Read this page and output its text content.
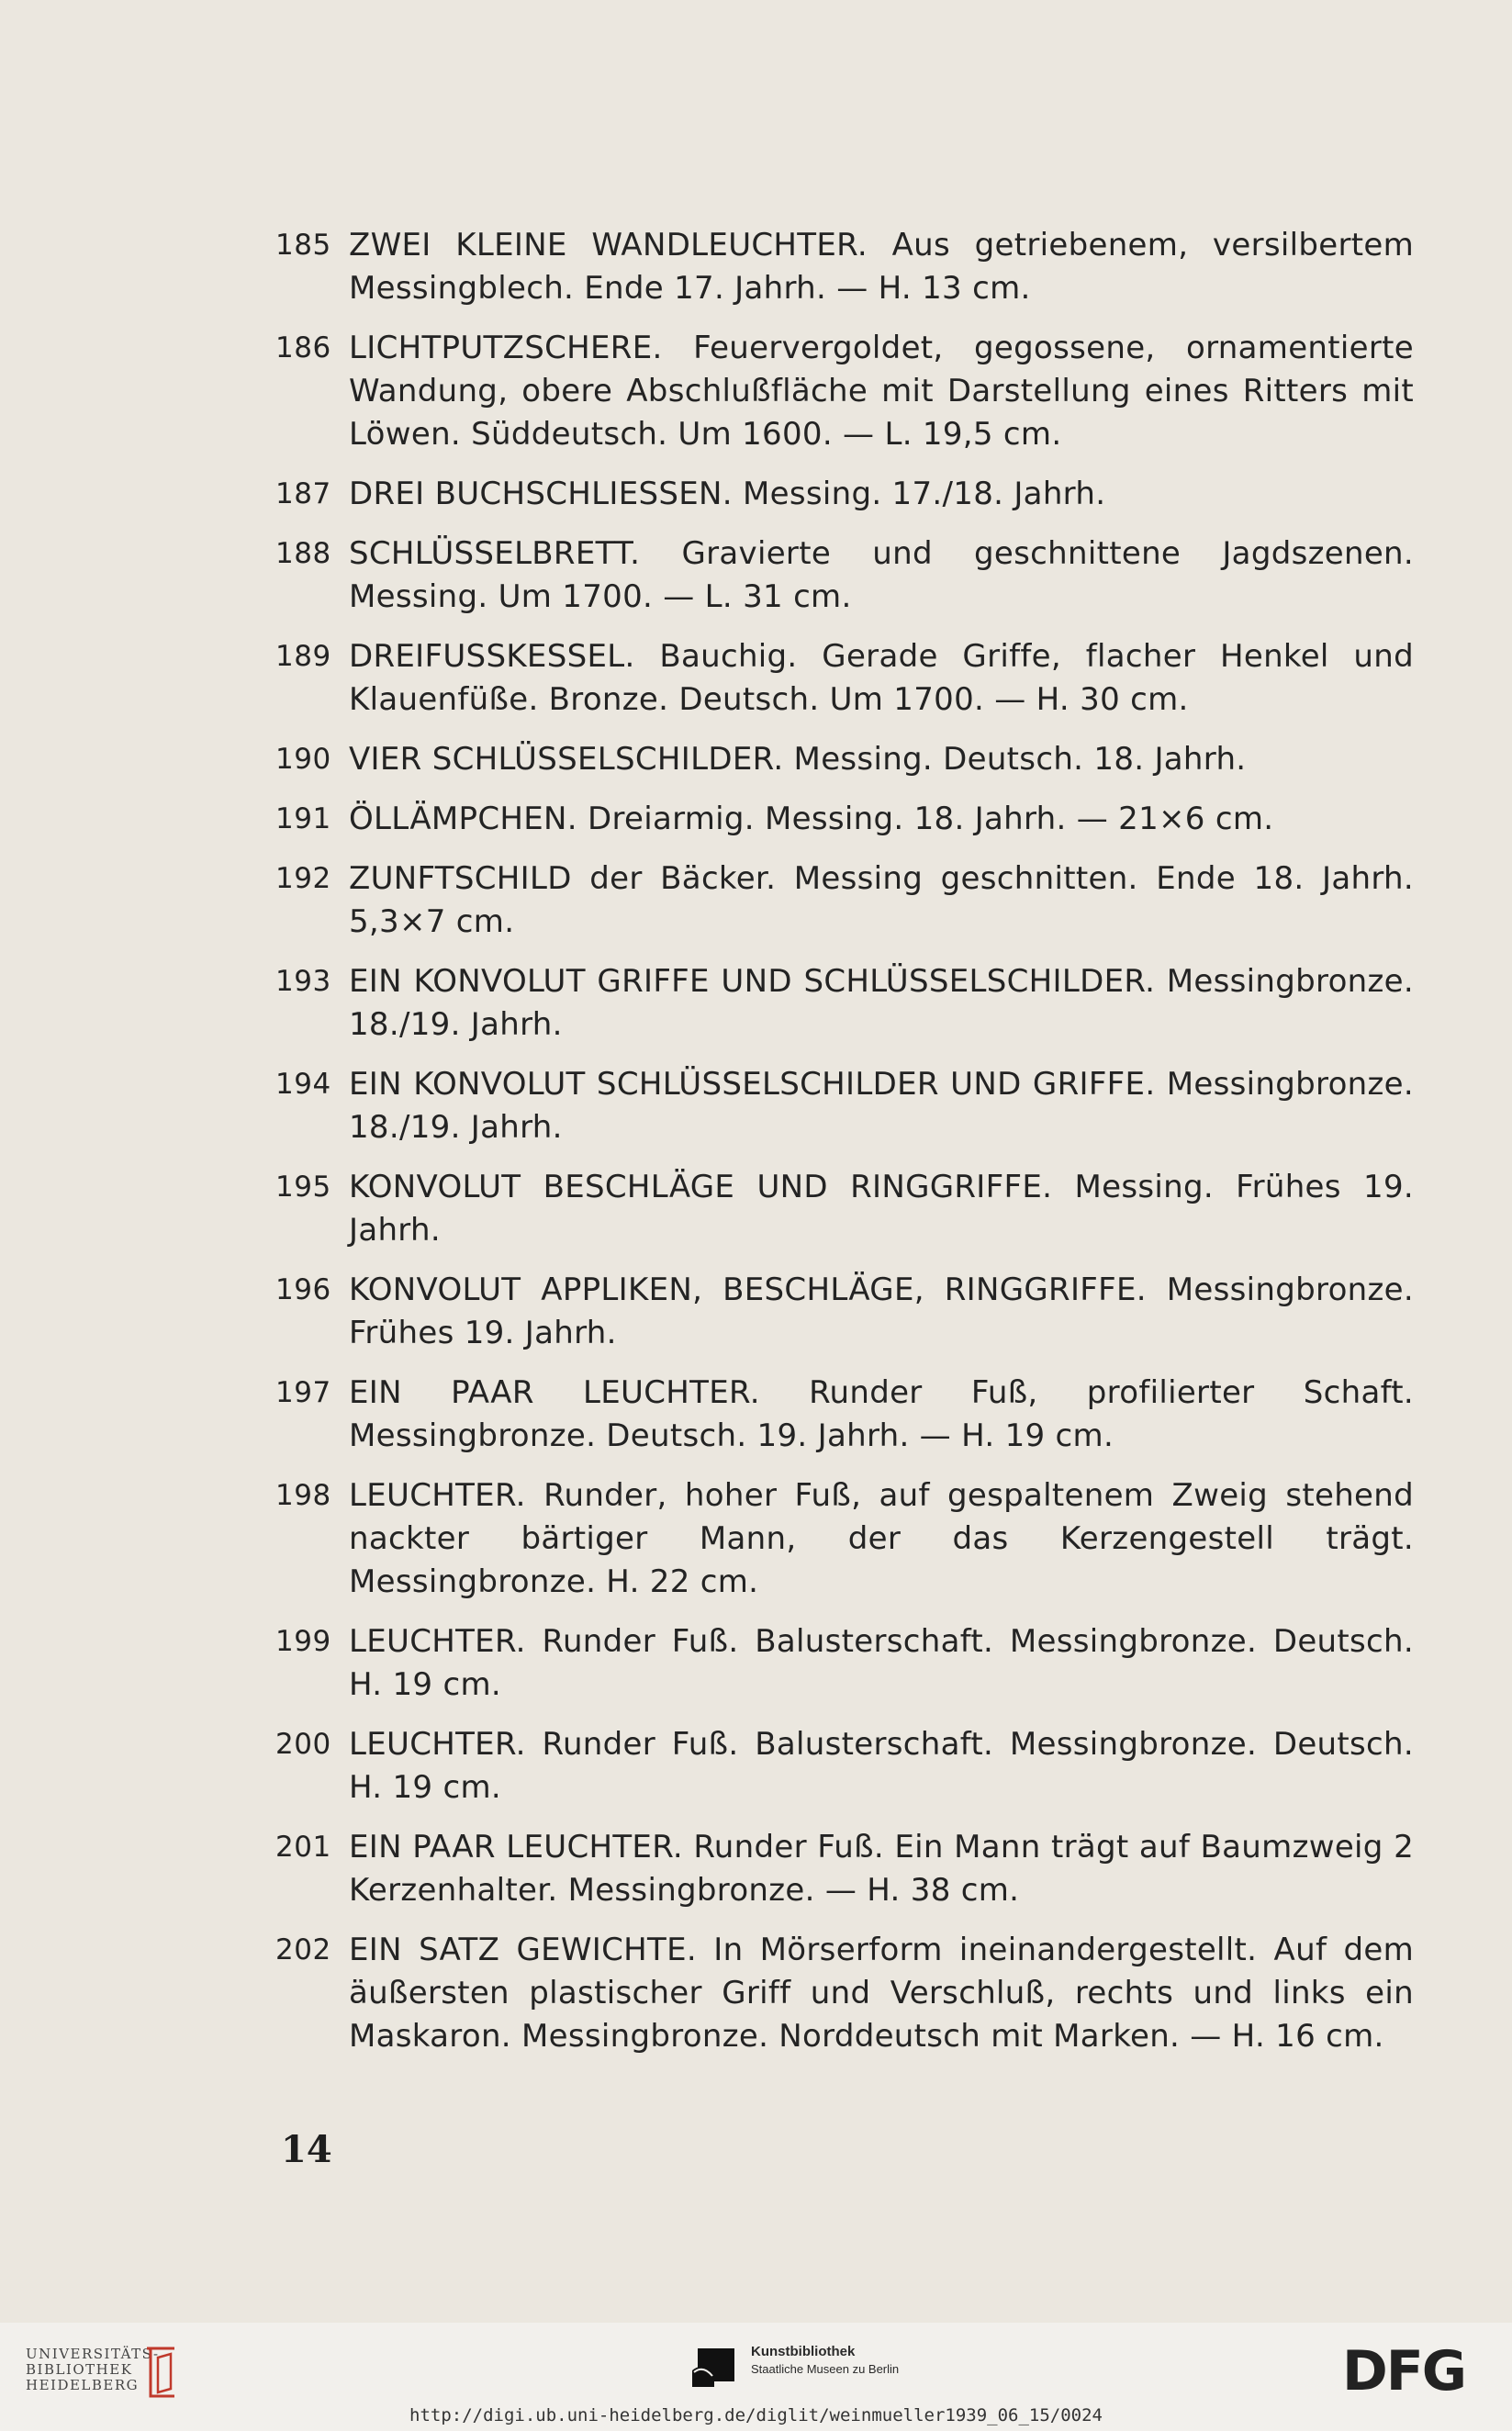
185 ZWEI KLEINE WANDLEUCHTER. Aus getriebenem, versilbertem Messingblech. Ende 17. Jahrh. — H. 13 cm.
186 LICHTPUTZSCHERE. Feuervergoldet, gegossene, ornamentierte Wandung, obere Abschlußfläche mit Darstellung eines Ritters mit Löwen. Süddeutsch. Um 1600. — L. 19,5 cm.
187 DREI BUCHSCHLIESSEN. Messing. 17./18. Jahrh.
188 SCHLÜSSELBRETT. Gravierte und geschnittene Jagdszenen. Messing. Um 1700. — L. 31 cm.
189 DREIFUSSKESSEL. Bauchig. Gerade Griffe, flacher Henkel und Klauenfüße. Bronze. Deutsch. Um 1700. — H. 30 cm.
190 VIER SCHLÜSSELSCHILDER. Messing. Deutsch. 18. Jahrh.
191 ÖLLÄMPCHEN. Dreiarmig. Messing. 18. Jahrh. — 21×6 cm.
192 ZUNFTSCHILD der Bäcker. Messing geschnitten. Ende 18. Jahrh. 5,3×7 cm.
193 EIN KONVOLUT GRIFFE UND SCHLÜSSELSCHILDER. Messingbronze. 18./19. Jahrh.
194 EIN KONVOLUT SCHLÜSSELSCHILDER UND GRIFFE. Messingbronze. 18./19. Jahrh.
195 KONVOLUT BESCHLÄGE UND RINGGRIFFE. Messing. Frühes 19. Jahrh.
196 KONVOLUT APPLIKEN, BESCHLÄGE, RINGGRIFFE. Messingbronze. Frühes 19. Jahrh.
197 EIN PAAR LEUCHTER. Runder Fuß, profilierter Schaft. Messingbronze. Deutsch. 19. Jahrh. — H. 19 cm.
198 LEUCHTER. Runder, hoher Fuß, auf gespaltenem Zweig stehend nackter bärtiger Mann, der das Kerzengestell trägt. Messingbronze. H. 22 cm.
199 LEUCHTER. Runder Fuß. Balusterschaft. Messingbronze. Deutsch. H. 19 cm.
200 LEUCHTER. Runder Fuß. Balusterschaft. Messingbronze. Deutsch. H. 19 cm.
201 EIN PAAR LEUCHTER. Runder Fuß. Ein Mann trägt auf Baumzweig 2 Kerzenhalter. Messingbronze. — H. 38 cm.
202 EIN SATZ GEWICHTE. In Mörserform ineinandergestellt. Auf dem äußersten plastischer Griff und Verschluß, rechts und links ein Maskaron. Messingbronze. Norddeutsch mit Marken. — H. 16 cm.
14
UNIVERSITÄTS-
BIBLIOTHEK
HEIDELBERG
Kunstbibliothek
Staatliche Museen zu Berlin	DFG
http://digi.ub.uni-heidelberg.de/diglit/weinmueller1939_06_15/0024
